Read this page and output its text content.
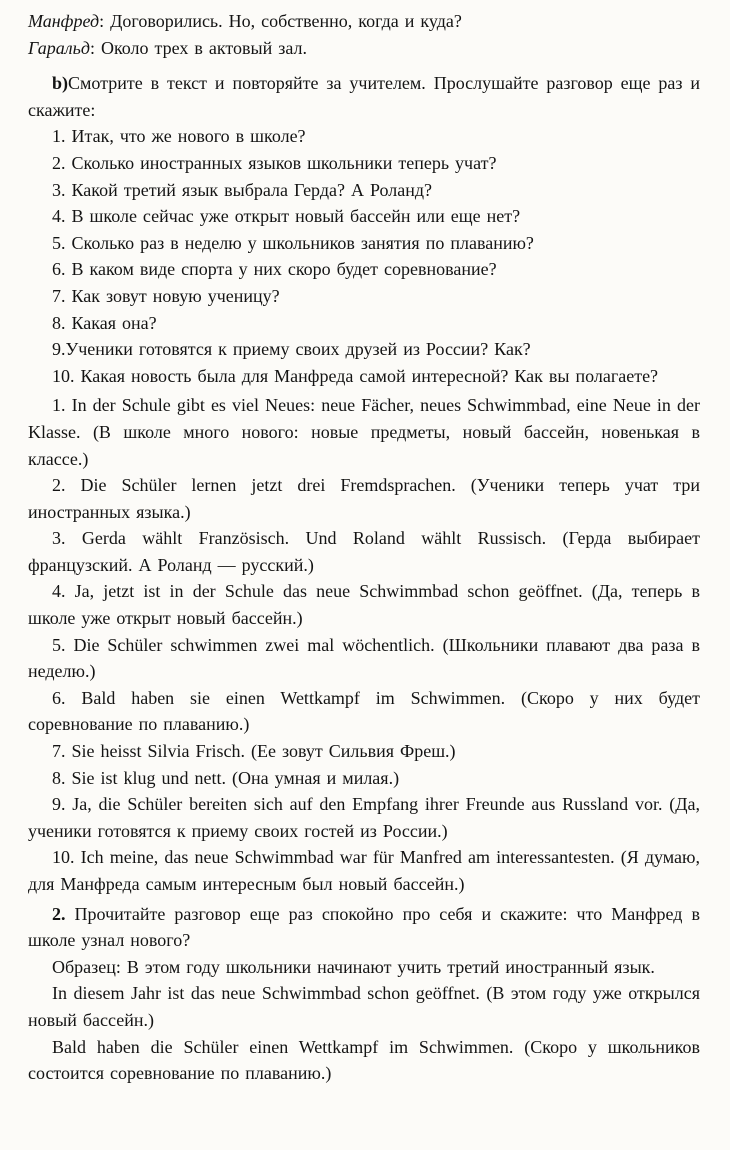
Манфред: Договорились. Но, собственно, когда и куда?

Гаральд: Около трех в актовый зал.

b)Смотрите в текст и повторяйте за учителем. Прослушайте разговор еще раз и скажите:

1. Итак, что же нового в школе?

2. Сколько иностранных языков школьники теперь учат?

3. Какой третий язык выбрала Герда? А Роланд?

4. В школе сейчас уже открыт новый бассейн или еще нет?

5. Сколько раз в неделю у школьников занятия по плаванию?

6. В каком виде спорта у них скоро будет соревнование?

7. Как зовут новую ученицу?

8. Какая она?

9.Ученики готовятся к приему своих друзей из России? Как?

10. Какая новость была для Манфреда самой интересной? Как вы полагаете?

1. In der Schule gibt es viel Neues: neue Fächer, neues Schwimmbad, eine Neue in der Klasse. (В школе много нового: новые предметы, новый бассейн, новенькая в классе.)

2. Die Schüler lernen jetzt drei Fremdsprachen. (Ученики теперь учат три иностранных языка.)

3. Gerda wählt Französisch. Und Roland wählt Russisch. (Герда выбирает французский. А Роланд — русский.)

4. Ja, jetzt ist in der Schule das neue Schwimmbad schon geöffnet. (Да, теперь в школе уже открыт новый бассейн.)

5. Die Schüler schwimmen zwei mal wöchentlich. (Школьники плавают два раза в неделю.)

6. Bald haben sie einen Wettkampf im Schwimmen. (Скоро у них будет соревнование по плаванию.)

7. Sie heisst Silvia Frisch. (Ее зовут Сильвия Фреш.)

8. Sie ist klug und nett. (Она умная и милая.)

9. Ja, die Schüler bereiten sich auf den Empfang ihrer Freunde aus Russland vor. (Да, ученики готовятся к приему своих гостей из России.)

10. Ich meine, das neue Schwimmbad war für Manfred am interessantesten. (Я думаю, для Манфреда самым интересным был новый бассейн.)

2. Прочитайте разговор еще раз спокойно про себя и скажите: что Манфред в школе узнал нового?

Образец: В этом году школьники начинают учить третий иностранный язык.

In diesem Jahr ist das neue Schwimmbad schon geöffnet. (В этом году уже открылся новый бассейн.)

Bald haben die Schüler einen Wettkampf im Schwimmen. (Скоро у школьников состоится соревнование по плаванию.)
